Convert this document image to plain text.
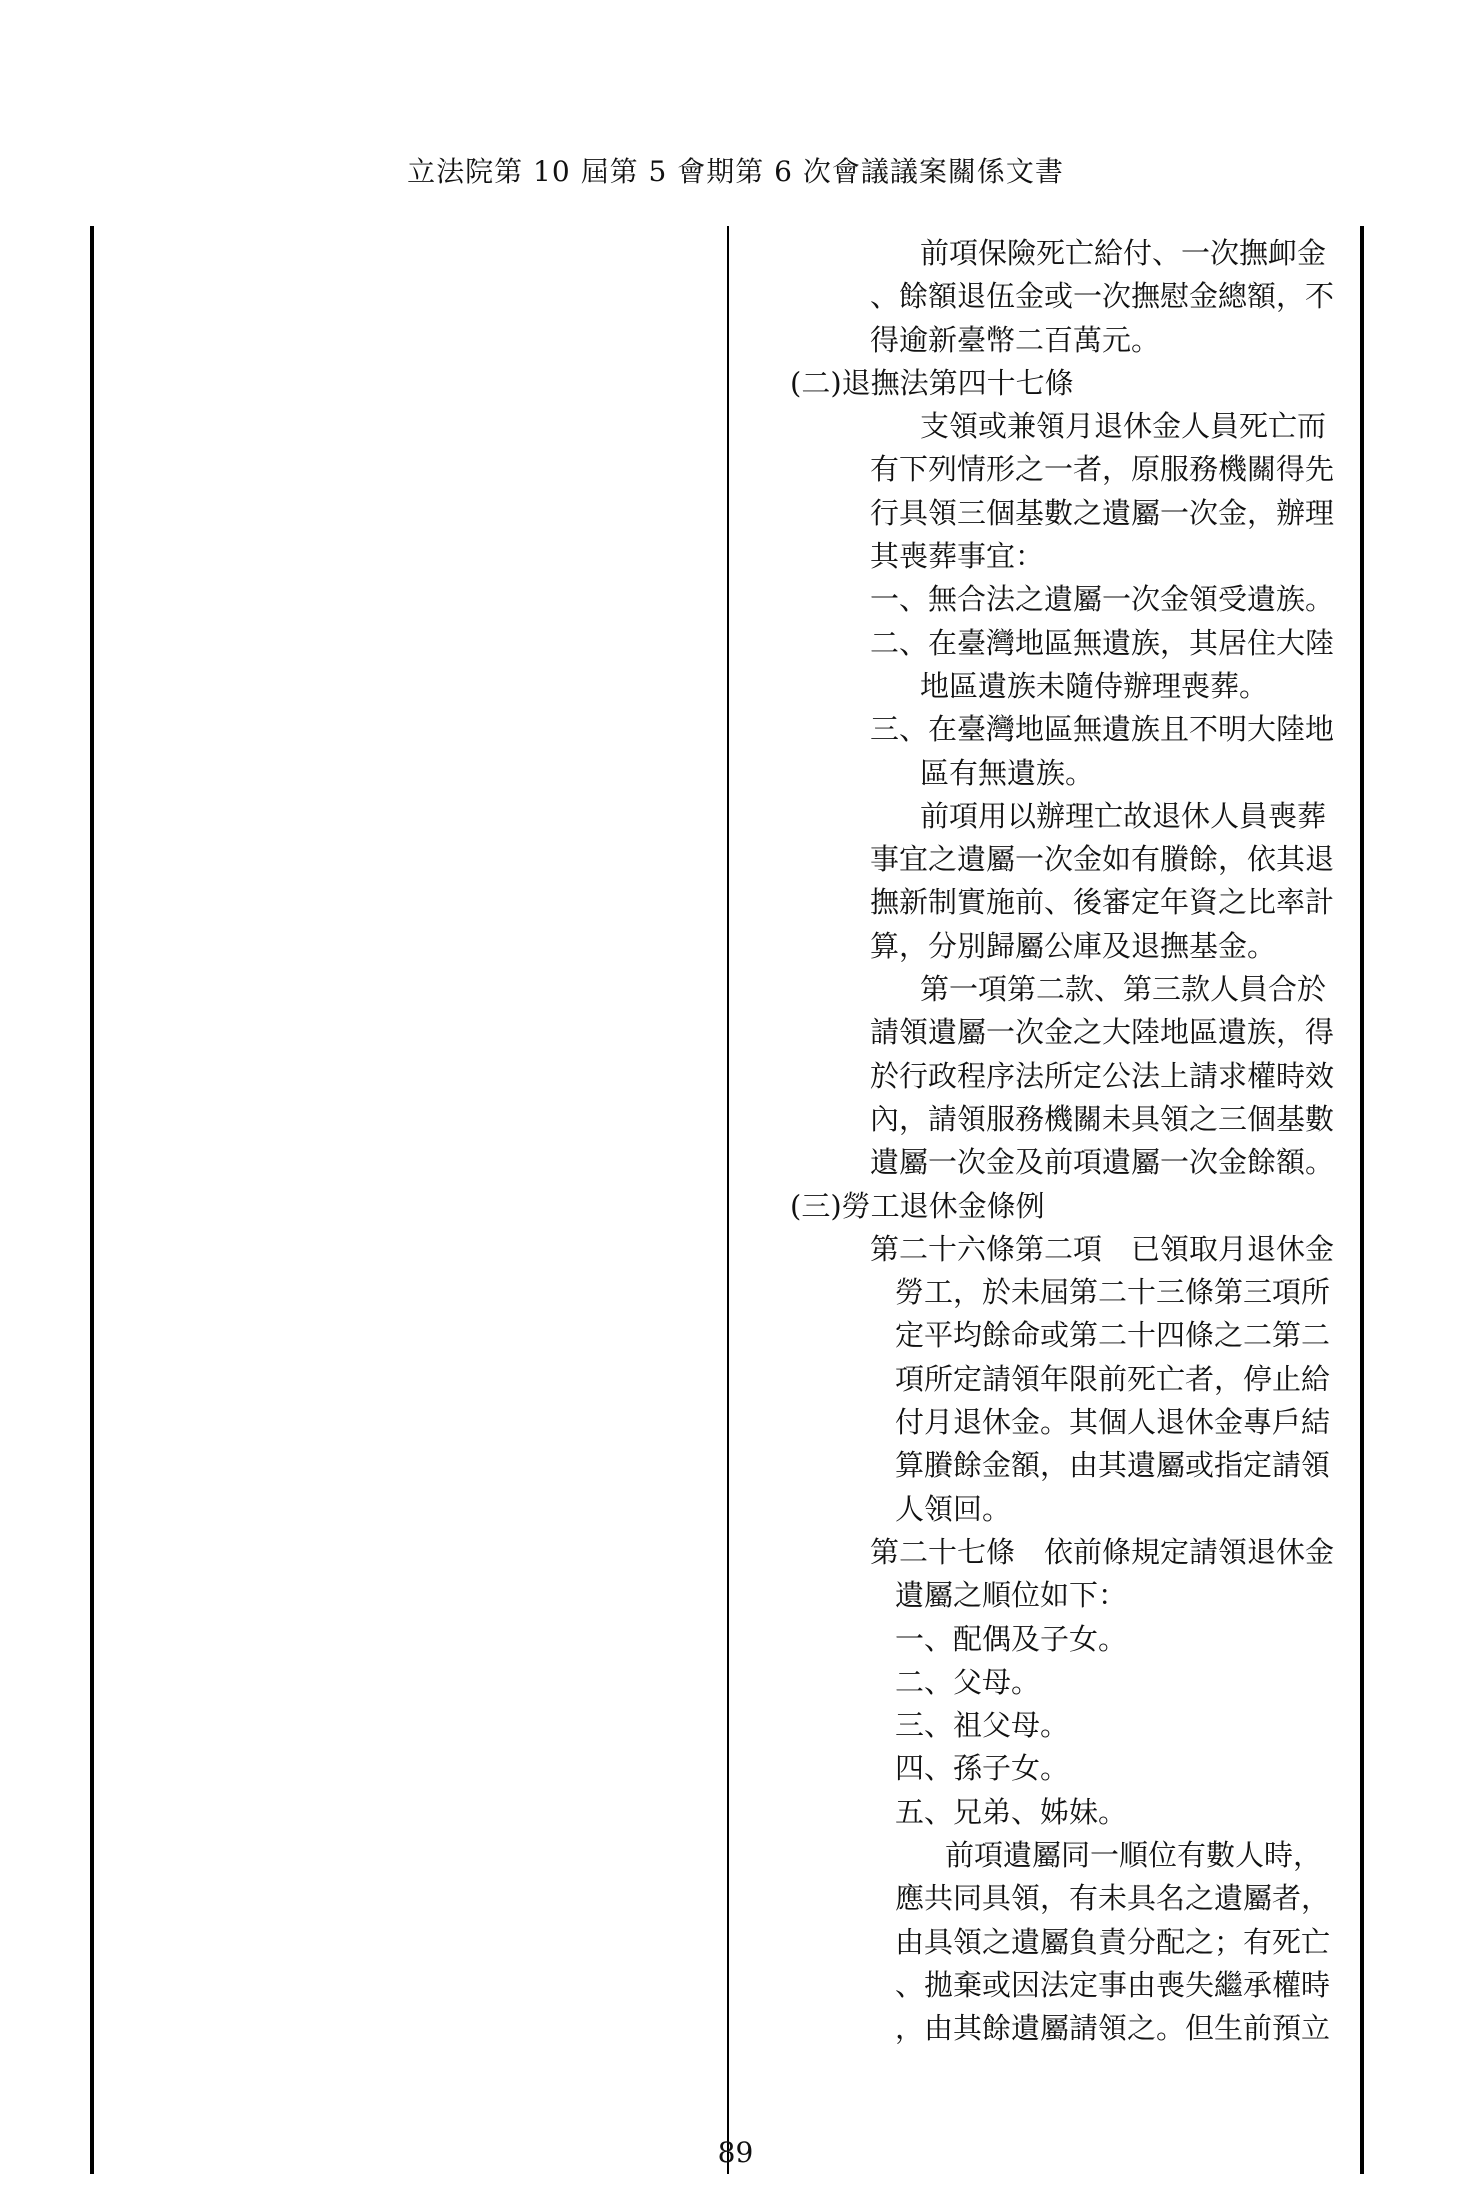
立法院第 10 屆第 5 會期第 6 次會議議案關係文書
前項保險死亡給付、一次撫卹金
、餘額退伍金或一次撫慰金總額，不
得逾新臺幣二百萬元。
(二)退撫法第四十七條
支領或兼領月退休金人員死亡而
有下列情形之一者，原服務機關得先
行具領三個基數之遺屬一次金，辦理
其喪葬事宜：
一、無合法之遺屬一次金領受遺族。
二、在臺灣地區無遺族，其居住大陸
地區遺族未隨侍辦理喪葬。
三、在臺灣地區無遺族且不明大陸地
區有無遺族。
前項用以辦理亡故退休人員喪葬
事宜之遺屬一次金如有賸餘，依其退
撫新制實施前、後審定年資之比率計
算，分別歸屬公庫及退撫基金。
第一項第二款、第三款人員合於
請領遺屬一次金之大陸地區遺族，得
於行政程序法所定公法上請求權時效
內，請領服務機關未具領之三個基數
遺屬一次金及前項遺屬一次金餘額。
(三)勞工退休金條例
第二十六條第二項　已領取月退休金
勞工，於未屆第二十三條第三項所
定平均餘命或第二十四條之二第二
項所定請領年限前死亡者，停止給
付月退休金。其個人退休金專戶結
算賸餘金額，由其遺屬或指定請領
人領回。
第二十七條　依前條規定請領退休金
遺屬之順位如下：
一、配偶及子女。
二、父母。
三、祖父母。
四、孫子女。
五、兄弟、姊妹。
前項遺屬同一順位有數人時，
應共同具領，有未具名之遺屬者，
由具領之遺屬負責分配之；有死亡
、拋棄或因法定事由喪失繼承權時
，由其餘遺屬請領之。但生前預立
89
